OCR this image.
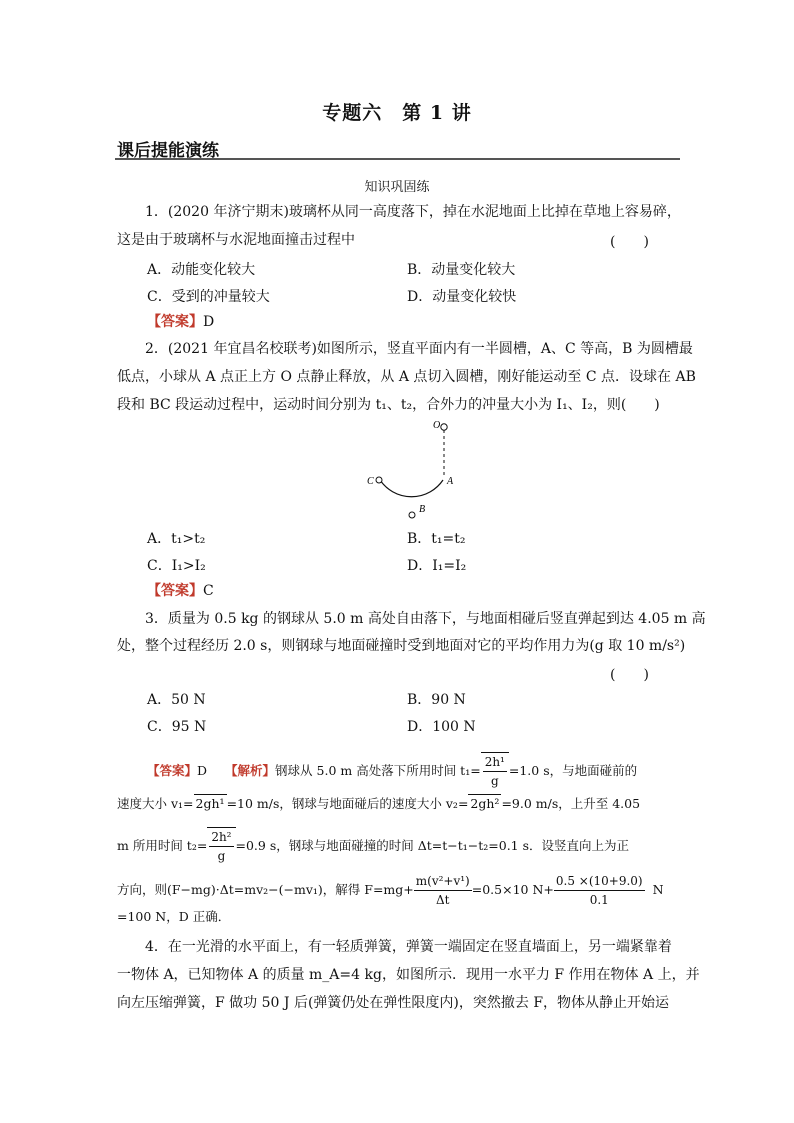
专题六　第 1 讲
课后提能演练
知识巩固练
1．(2020 年济宁期末)玻璃杯从同一高度落下，掉在水泥地面上比掉在草地上容易碎，
这是由于玻璃杯与水泥地面撞击过程中	(　　)
A．动能变化较大	B．动量变化较大
C．受到的冲量较大	D．动量变化较快
【答案】D
2．(2021 年宜昌名校联考)如图所示，竖直平面内有一半圆槽，A、C 等高，B 为圆槽最
低点，小球从 A 点正上方 O 点静止释放，从 A 点切入圆槽，刚好能运动至 C 点．设球在 AB
段和 BC 段运动过程中，运动时间分别为 t₁、t₂，合外力的冲量大小为 I₁、I₂，则(　　)
O
C	A
B
A．t₁>t₂	B．t₁=t₂
C．I₁>I₂	D．I₁=I₂
【答案】C
3．质量为 0.5 kg 的钢球从 5.0 m 高处自由落下，与地面相碰后竖直弹起到达 4.05 m 高
处，整个过程经历 2.0 s，则钢球与地面碰撞时受到地面对它的平均作用力为(g 取 10 m/s²)
(　　)
A．50 N	B．90 N
C．95 N	D．100 N
【答案】D 【解析】钢球从 5.0 m 高处落下所用时间 $t_1= \frac{\text{2h¹}}{g} =1.0$ s，与地面碰前的
速度大小 v₁= 2gh¹ =10 m/s，钢球与地面碰后的速度大小 v₂= 2gh² =9.0 m/s，上升至 4.05
m 所用时间 $t_2= \frac{\text{2h²}}{g} =0.9$ s，钢球与地面碰撞的时间 Δt=t−t₁−t₂=0.1 s．设竖直向上为正
方向，则(F−mg)·Δt=mv₂−(−mv₁)，解得 $F=mg+ \frac{\text{m(v²+v¹)}}{\Delta t} =0.5\times 10$ $N+ \frac{0.5 \times(10+9.0)}{0.1}$ N
=100 N，D 正确．
4．在一光滑的水平面上，有一轻质弹簧，弹簧一端固定在竖直墙面上，另一端紧靠着
一物体 A，已知物体 A 的质量 m_A=4 kg，如图所示．现用一水平力 F 作用在物体 A 上，并
向左压缩弹簧，F 做功 50 J 后(弹簧仍处在弹性限度内)，突然撤去 F，物体从静止开始运
